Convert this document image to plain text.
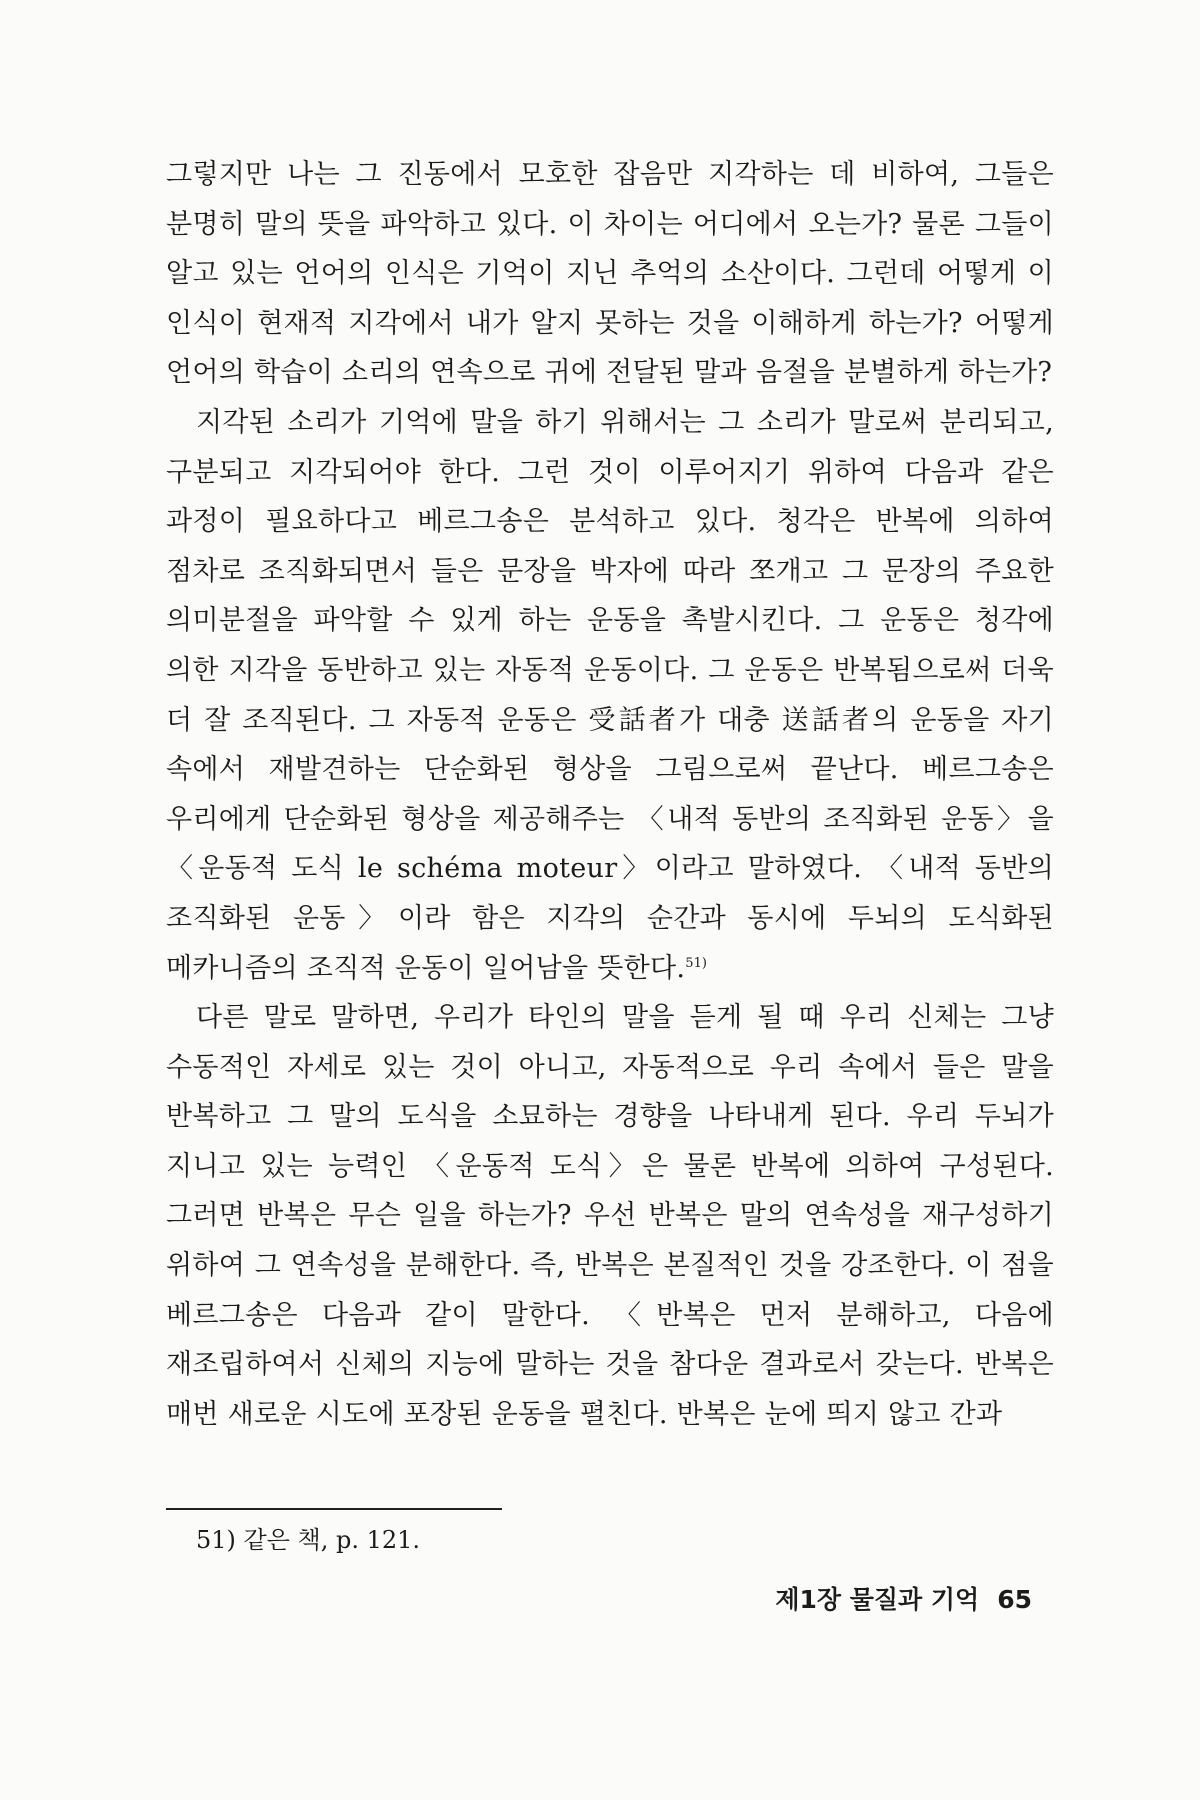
그렇지만 나는 그 진동에서 모호한 잡음만 지각하는 데 비하여, 그들은 분명히 말의 뜻을 파악하고 있다. 이 차이는 어디에서 오는가? 물론 그들이 알고 있는 언어의 인식은 기억이 지닌 추억의 소산이다. 그런데 어떻게 이 인식이 현재적 지각에서 내가 알지 못하는 것을 이해하게 하는가? 어떻게 언어의 학습이 소리의 연속으로 귀에 전달된 말과 음절을 분별하게 하는가?

지각된 소리가 기억에 말을 하기 위해서는 그 소리가 말로써 분리되고, 구분되고 지각되어야 한다. 그런 것이 이루어지기 위하여 다음과 같은 과정이 필요하다고 베르그송은 분석하고 있다. 청각은 반복에 의하여 점차로 조직화되면서 들은 문장을 박자에 따라 쪼개고 그 문장의 주요한 의미분절을 파악할 수 있게 하는 운동을 촉발시킨다. 그 운동은 청각에 의한 지각을 동반하고 있는 자동적 운동이다. 그 운동은 반복됨으로써 더욱 더 잘 조직된다. 그 자동적 운동은 受話者가 대충 送話者의 운동을 자기 속에서 재발견하는 단순화된 형상을 그림으로써 끝난다. 베르그송은 우리에게 단순화된 형상을 제공해주는 〈내적 동반의 조직화된 운동〉을 〈운동적 도식 le schéma moteur〉이라고 말하였다. 〈내적 동반의 조직화된 운동〉이라 함은 지각의 순간과 동시에 두뇌의 도식화된 메카니즘의 조직적 운동이 일어남을 뜻한다.$^{51)}$

다른 말로 말하면, 우리가 타인의 말을 듣게 될 때 우리 신체는 그냥 수동적인 자세로 있는 것이 아니고, 자동적으로 우리 속에서 들은 말을 반복하고 그 말의 도식을 소묘하는 경향을 나타내게 된다. 우리 두뇌가 지니고 있는 능력인 〈운동적 도식〉은 물론 반복에 의하여 구성된다. 그러면 반복은 무슨 일을 하는가? 우선 반복은 말의 연속성을 재구성하기 위하여 그 연속성을 분해한다. 즉, 반복은 본질적인 것을 강조한다. 이 점을 베르그송은 다음과 같이 말한다. 〈반복은 먼저 분해하고, 다음에 재조립하여서 신체의 지능에 말하는 것을 참다운 결과로서 갖는다. 반복은 매번 새로운 시도에 포장된 운동을 펼친다. 반복은 눈에 띄지 않고 간과

51) 같은 책, p. 121.
제1장 물질과 기억 65
